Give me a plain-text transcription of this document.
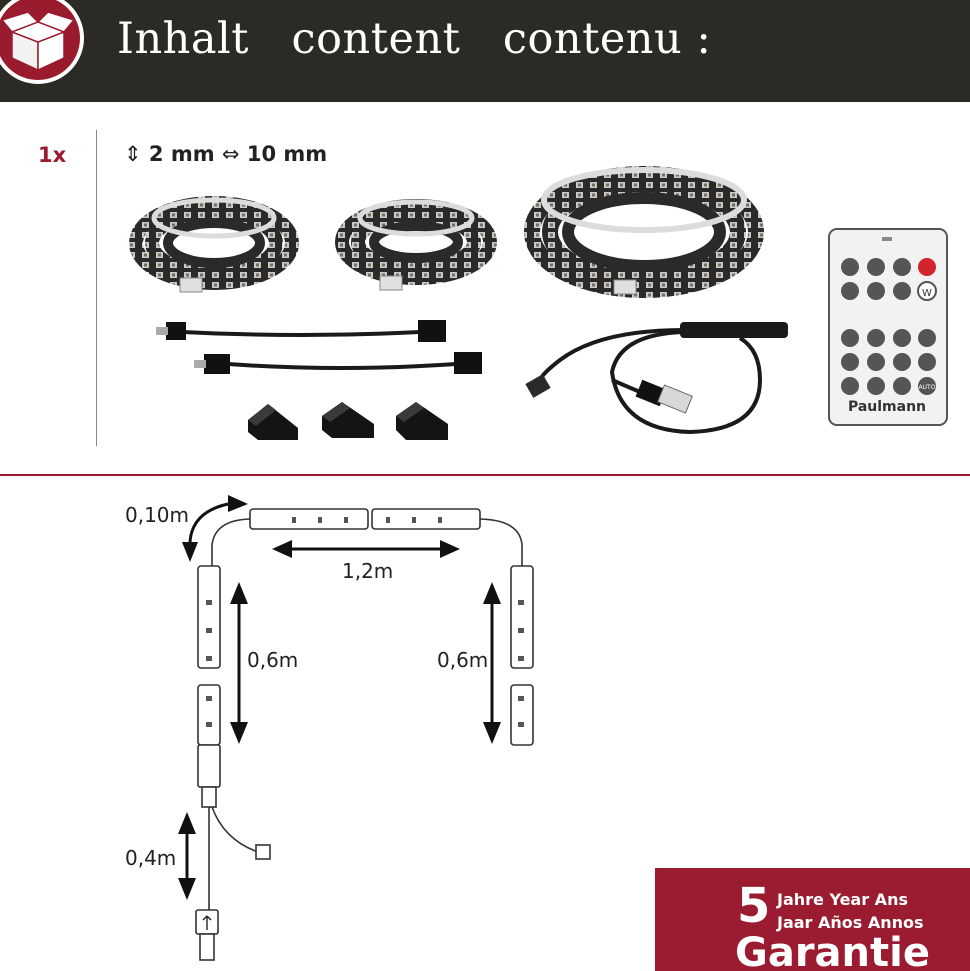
Inhalt   content   contenu :
1x	⇕ 2 mm ⇔ 10 mm
W
AUTO
Paulmann
0,10m
1,2m
0,6m	0,6m
0,4m
5 Jahre Year Ans
Jaar Años Annos
Garantie
